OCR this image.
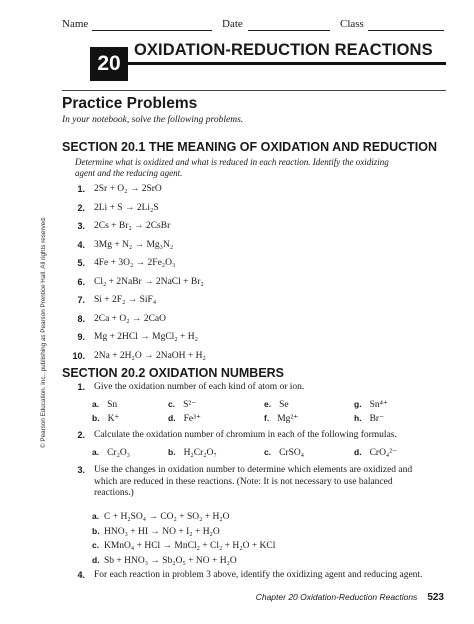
Name	Date	Class
20
OXIDATION-REDUCTION REACTIONS
Practice Problems
In your notebook, solve the following problems.
SECTION 20.1 THE MEANING OF OXIDATION AND REDUCTION
Determine what is oxidized and what is reduced in each reaction. Identify the oxidizing agent and the reducing agent.
1. 2Sr + O₂ → 2SrO
2. 2Li + S → 2Li₂S
3. 2Cs + Br₂ → 2CsBr
4. 3Mg + N₂ → Mg₃N₂
5. 4Fe + 3O₂ → 2Fe₂O₃
6. Cl₂ + 2NaBr → 2NaCl + Br₂
7. Si + 2F₂ → SiF₄
8. 2Ca + O₂ → 2CaO
9. Mg + 2HCl → MgCl₂ + H₂
10. 2Na + 2H₂O → 2NaOH + H₂
SECTION 20.2 OXIDATION NUMBERS
1. Give the oxidation number of each kind of atom or ion.
a. Sn	c. S²⁻	e. Se	g. Sn⁴⁺
b. K⁺	d. Fe³⁺	f. Mg²⁺	h. Br⁻
2. Calculate the oxidation number of chromium in each of the following formulas.
a. Cr₂O₃	b. H₂Cr₂O₇	c. CrSO₄	d. CrO₄²⁻
3. Use the changes in oxidation number to determine which elements are oxidized and which are reduced in these reactions. (Note: It is not necessary to use balanced reactions.)
a. C + H₂SO₄ → CO₂ + SO₂ + H₂O
b. HNO₃ + HI → NO + I₂ + H₂O
c. KMnO₄ + HCl → MnCl₂ + Cl₂ + H₂O + KCl
d. Sb + HNO₃ → Sb₂O₅ + NO + H₂O
4. For each reaction in problem 3 above, identify the oxidizing agent and reducing agent.
© Pearson Education, Inc., publishing as Pearson Prentice Hall. All rights reserved.
Chapter 20 Oxidation-Reduction Reactions 523
